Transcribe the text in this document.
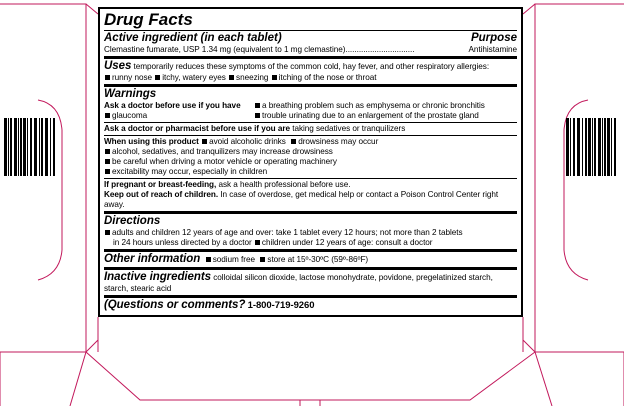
Drug Facts
Active ingredient (in each tablet)	Purpose
Clemastine fumarate, USP 1.34 mg (equivalent to 1 mg clemastine)...............................	Antihistamine
Uses temporarily reduces these symptoms of the common cold, hay fever, and other respiratory allergies:
runny nose itchy, watery eyes sneezing itching of the nose or throat
Warnings
Ask a doctor before use if you have
glaucoma
a breathing problem such as emphysema or chronic bronchitis
trouble urinating due to an enlargement of the prostate gland
Ask a doctor or pharmacist before use if you are taking sedatives or tranquilizers
When using this product avoid alcoholic drinks drowsiness may occur
alcohol, sedatives, and tranquilizers may increase drowsiness
be careful when driving a motor vehicle or operating machinery
excitability may occur, especially in children
If pregnant or breast-feeding, ask a health professional before use.
Keep out of reach of children. In case of overdose, get medical help or contact a Poison Control Center right away.
Directions
adults and children 12 years of age and over: take 1 tablet every 12 hours; not more than 2 tablets
in 24 hours unless directed by a doctor children under 12 years of age: consult a doctor
Other information sodium free store at 15º-30ºC (59º-86ºF)
Inactive ingredients colloidal silicon dioxide, lactose monohydrate, povidone, pregelatinized starch, starch, stearic acid
(Questions or comments? 1-800-719-9260
